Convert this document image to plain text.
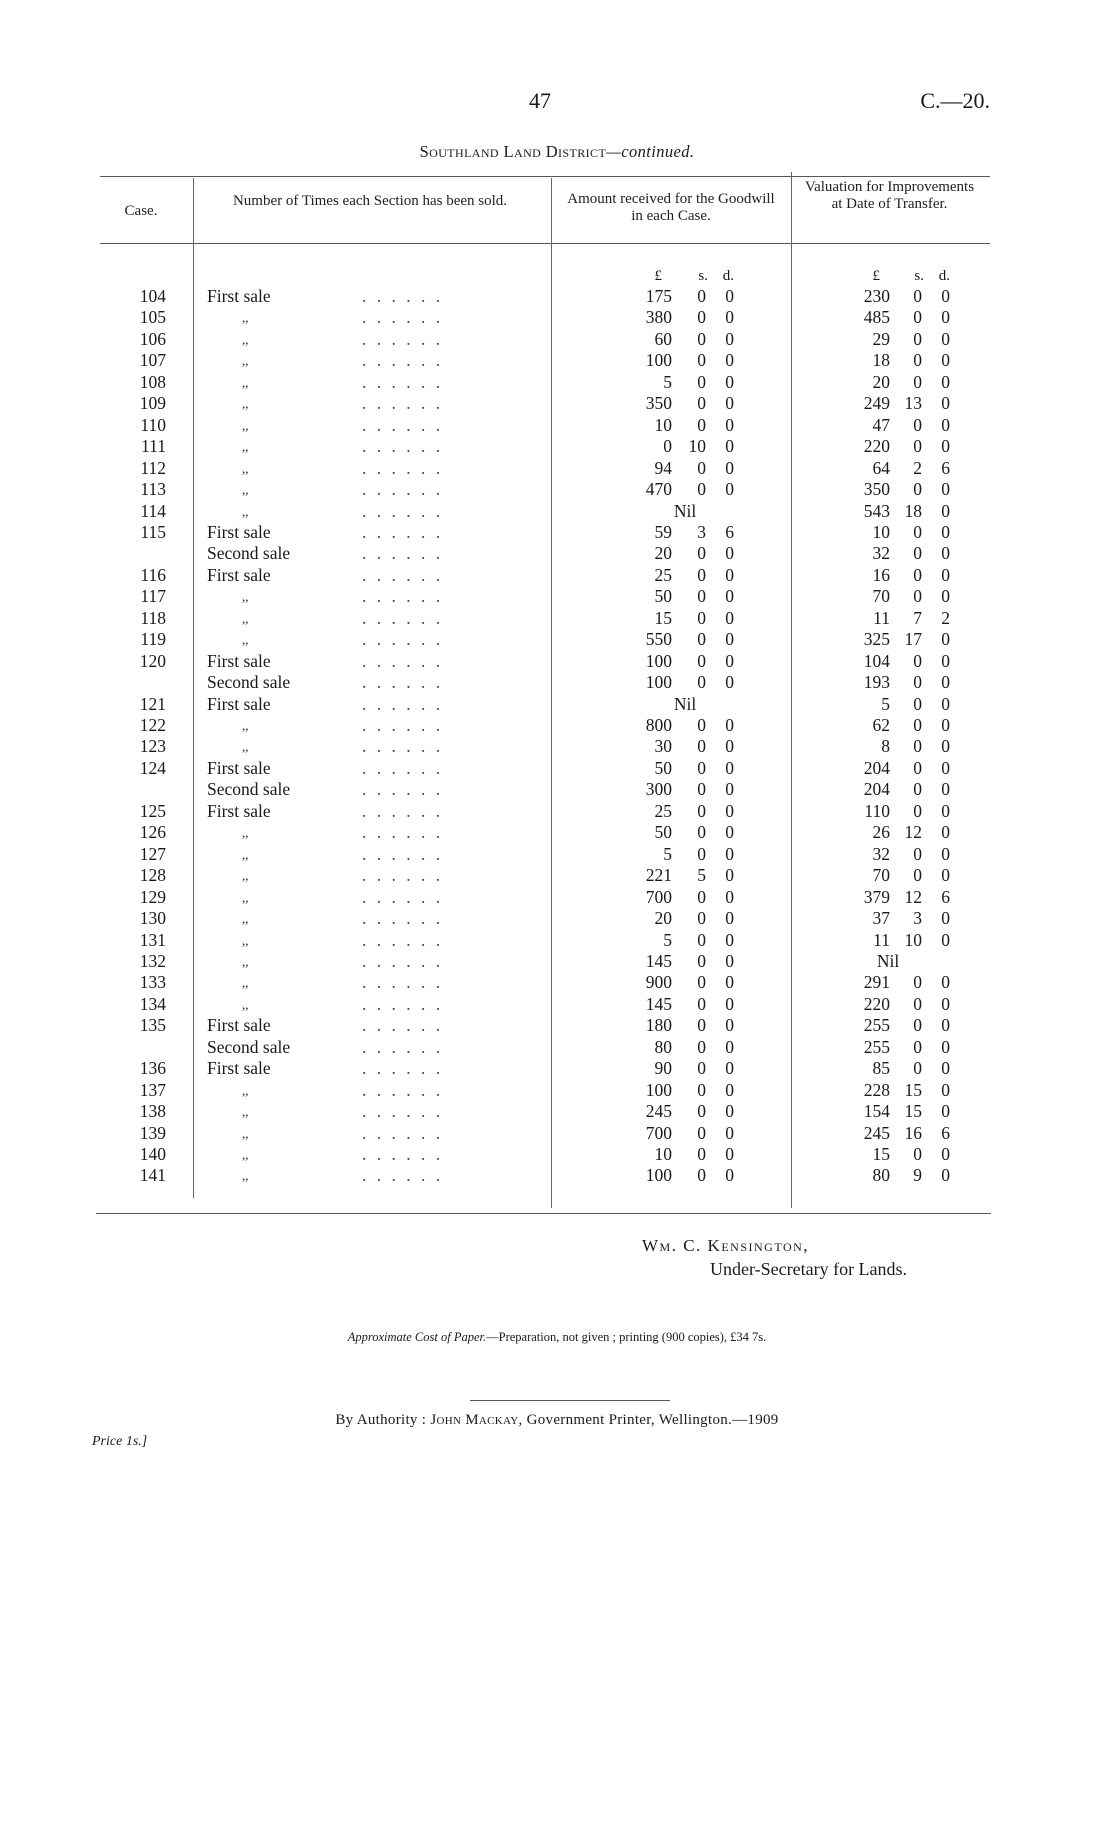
47	C.—20.
Southland Land District—continued.
Case.
Number of Times each Section has been sold.	Amount received for the Goodwill in each Case.
Valuation for Improvements at Date of Transfer.
£	s. d.	£	s. d.
104 First sale	. . . . . .	175	0	0	230	0	0
105	,,	. . . . . .	380	0	0	485	0	0
106	,,	. . . . . .	60	0	0	29	0	0
107	,,	. . . . . .	100	0	0	18	0	0
108	,,	. . . . . .	5	0	0	20	0	0
109	,,	. . . . . .	350	0	0	249 13	0
110	,,	. . . . . .	10	0	0	47	0	0
111	,,	. . . . . .	0 10	0	220	0	0
112	,,	. . . . . .	94	0	0	64	2	6
113	,,	. . . . . .	470	0	0	350	0	0
114	,,	. . . . . .	Nil	543 18	0
115 First sale	. . . . . .	59	3	6	10	0	0
Second sale	. . . . . .	20	0	0	32	0	0
116 First sale	. . . . . .	25	0	0	16	0	0
117	,,	. . . . . .	50	0	0	70	0	0
118	,,	. . . . . .	15	0	0	11	7	2
119	,,	. . . . . .	550	0	0	325 17	0
120 First sale	. . . . . .	100	0	0	104	0	0
Second sale	. . . . . .	100	0	0	193	0	0
121 First sale	. . . . . .	Nil	5	0	0
122	,,	. . . . . .	800	0	0	62	0	0
123	,,	. . . . . .	30	0	0	8	0	0
124 First sale	. . . . . .	50	0	0	204	0	0
Second sale	. . . . . .	300	0	0	204	0	0
125 First sale	. . . . . .	25	0	0	110	0	0
126	,,	. . . . . .	50	0	0	26 12	0
127	,,	. . . . . .	5	0	0	32	0	0
128	,,	. . . . . .	221	5	0	70	0	0
129	,,	. . . . . .	700	0	0	379 12	6
130	,,	. . . . . .	20	0	0	37	3	0
131	,,	. . . . . .	5	0	0	11 10	0
132	,,	. . . . . .	145	0	0	Nil
133	,,	. . . . . .	900	0	0	291	0	0
134	,,	. . . . . .	145	0	0	220	0	0
135 First sale	. . . . . .	180	0	0	255	0	0
Second sale	. . . . . .	80	0	0	255	0	0
136 First sale	. . . . . .	90	0	0	85	0	0
137	,,	. . . . . .	100	0	0	228 15	0
138	,,	. . . . . .	245	0	0	154 15	0
139	,,	. . . . . .	700	0	0	245 16	6
140	,,	. . . . . .	10	0	0	15	0	0
141	,,	. . . . . .	100	0	0	80	9	0
Wm. C. Kensington,
Under-Secretary for Lands.
Approximate Cost of Paper.—Preparation, not given ; printing (900 copies), £34 7s.
By Authority : John Mackay, Government Printer, Wellington.—1909
Price 1s.]
